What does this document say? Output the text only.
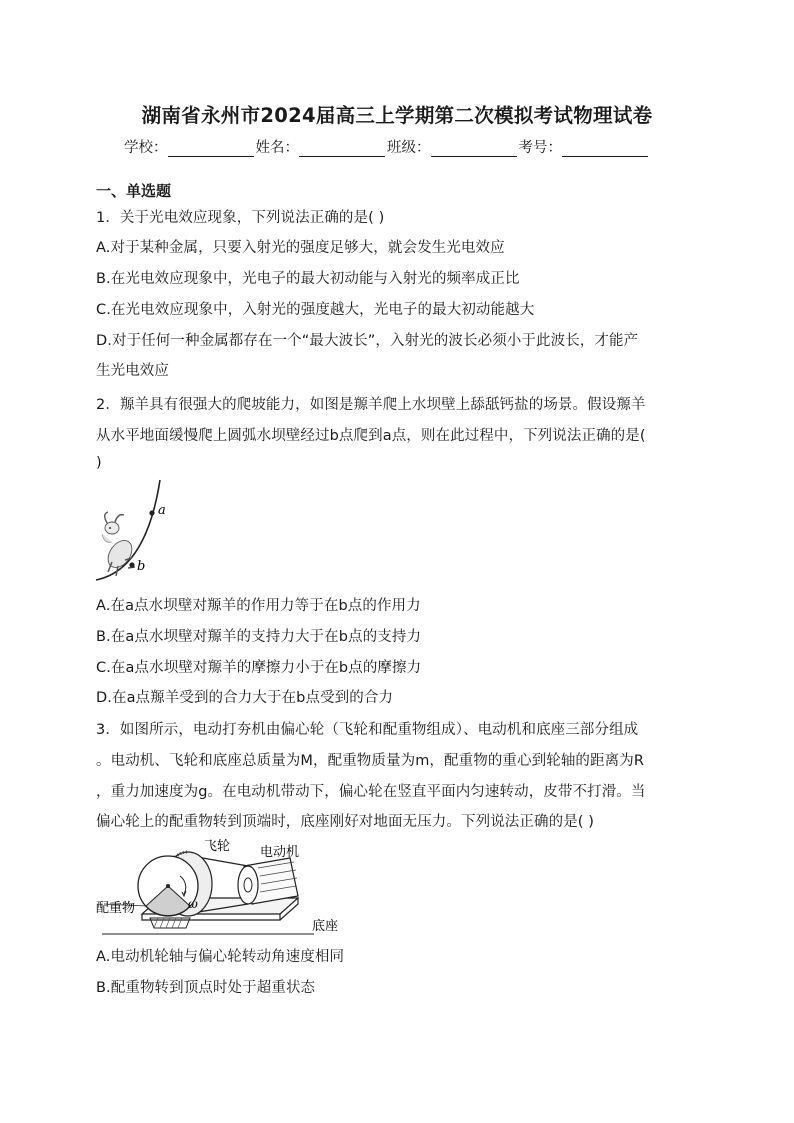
湖南省永州市2024届高三上学期第二次模拟考试物理试卷
学校：	姓名：	班级：	考号：
一、单选题
1．关于光电效应现象，下列说法正确的是( )
A.对于某种金属，只要入射光的强度足够大，就会发生光电效应
B.在光电效应现象中，光电子的最大初动能与入射光的频率成正比
C.在光电效应现象中，入射光的强度越大，光电子的最大初动能越大
D.对于任何一种金属都存在一个“最大波长”，入射光的波长必须小于此波长，才能产
生光电效应
2．羱羊具有很强大的爬坡能力，如图是羱羊爬上水坝壁上舔舐钙盐的场景。假设羱羊
从水平地面缓慢爬上圆弧水坝壁经过b点爬到a点，则在此过程中，下列说法正确的是(
)
a
b
A.在a点水坝壁对羱羊的作用力等于在b点的作用力
B.在a点水坝壁对羱羊的支持力大于在b点的支持力
C.在a点水坝壁对羱羊的摩擦力小于在b点的摩擦力
D.在a点羱羊受到的合力大于在b点受到的合力
3．如图所示，电动打夯机由偏心轮（飞轮和配重物组成）、电动机和底座三部分组成
。电动机、飞轮和底座总质量为M，配重物质量为m，配重物的重心到轮轴的距离为R
，重力加速度为g。在电动机带动下，偏心轮在竖直平面内匀速转动，皮带不打滑。当
偏心轮上的配重物转到顶端时，底座刚好对地面无压力。下列说法正确的是( )
飞轮 电动机
配重物
底座
ω
A.电动机轮轴与偏心轮转动角速度相同
B.配重物转到顶点时处于超重状态
